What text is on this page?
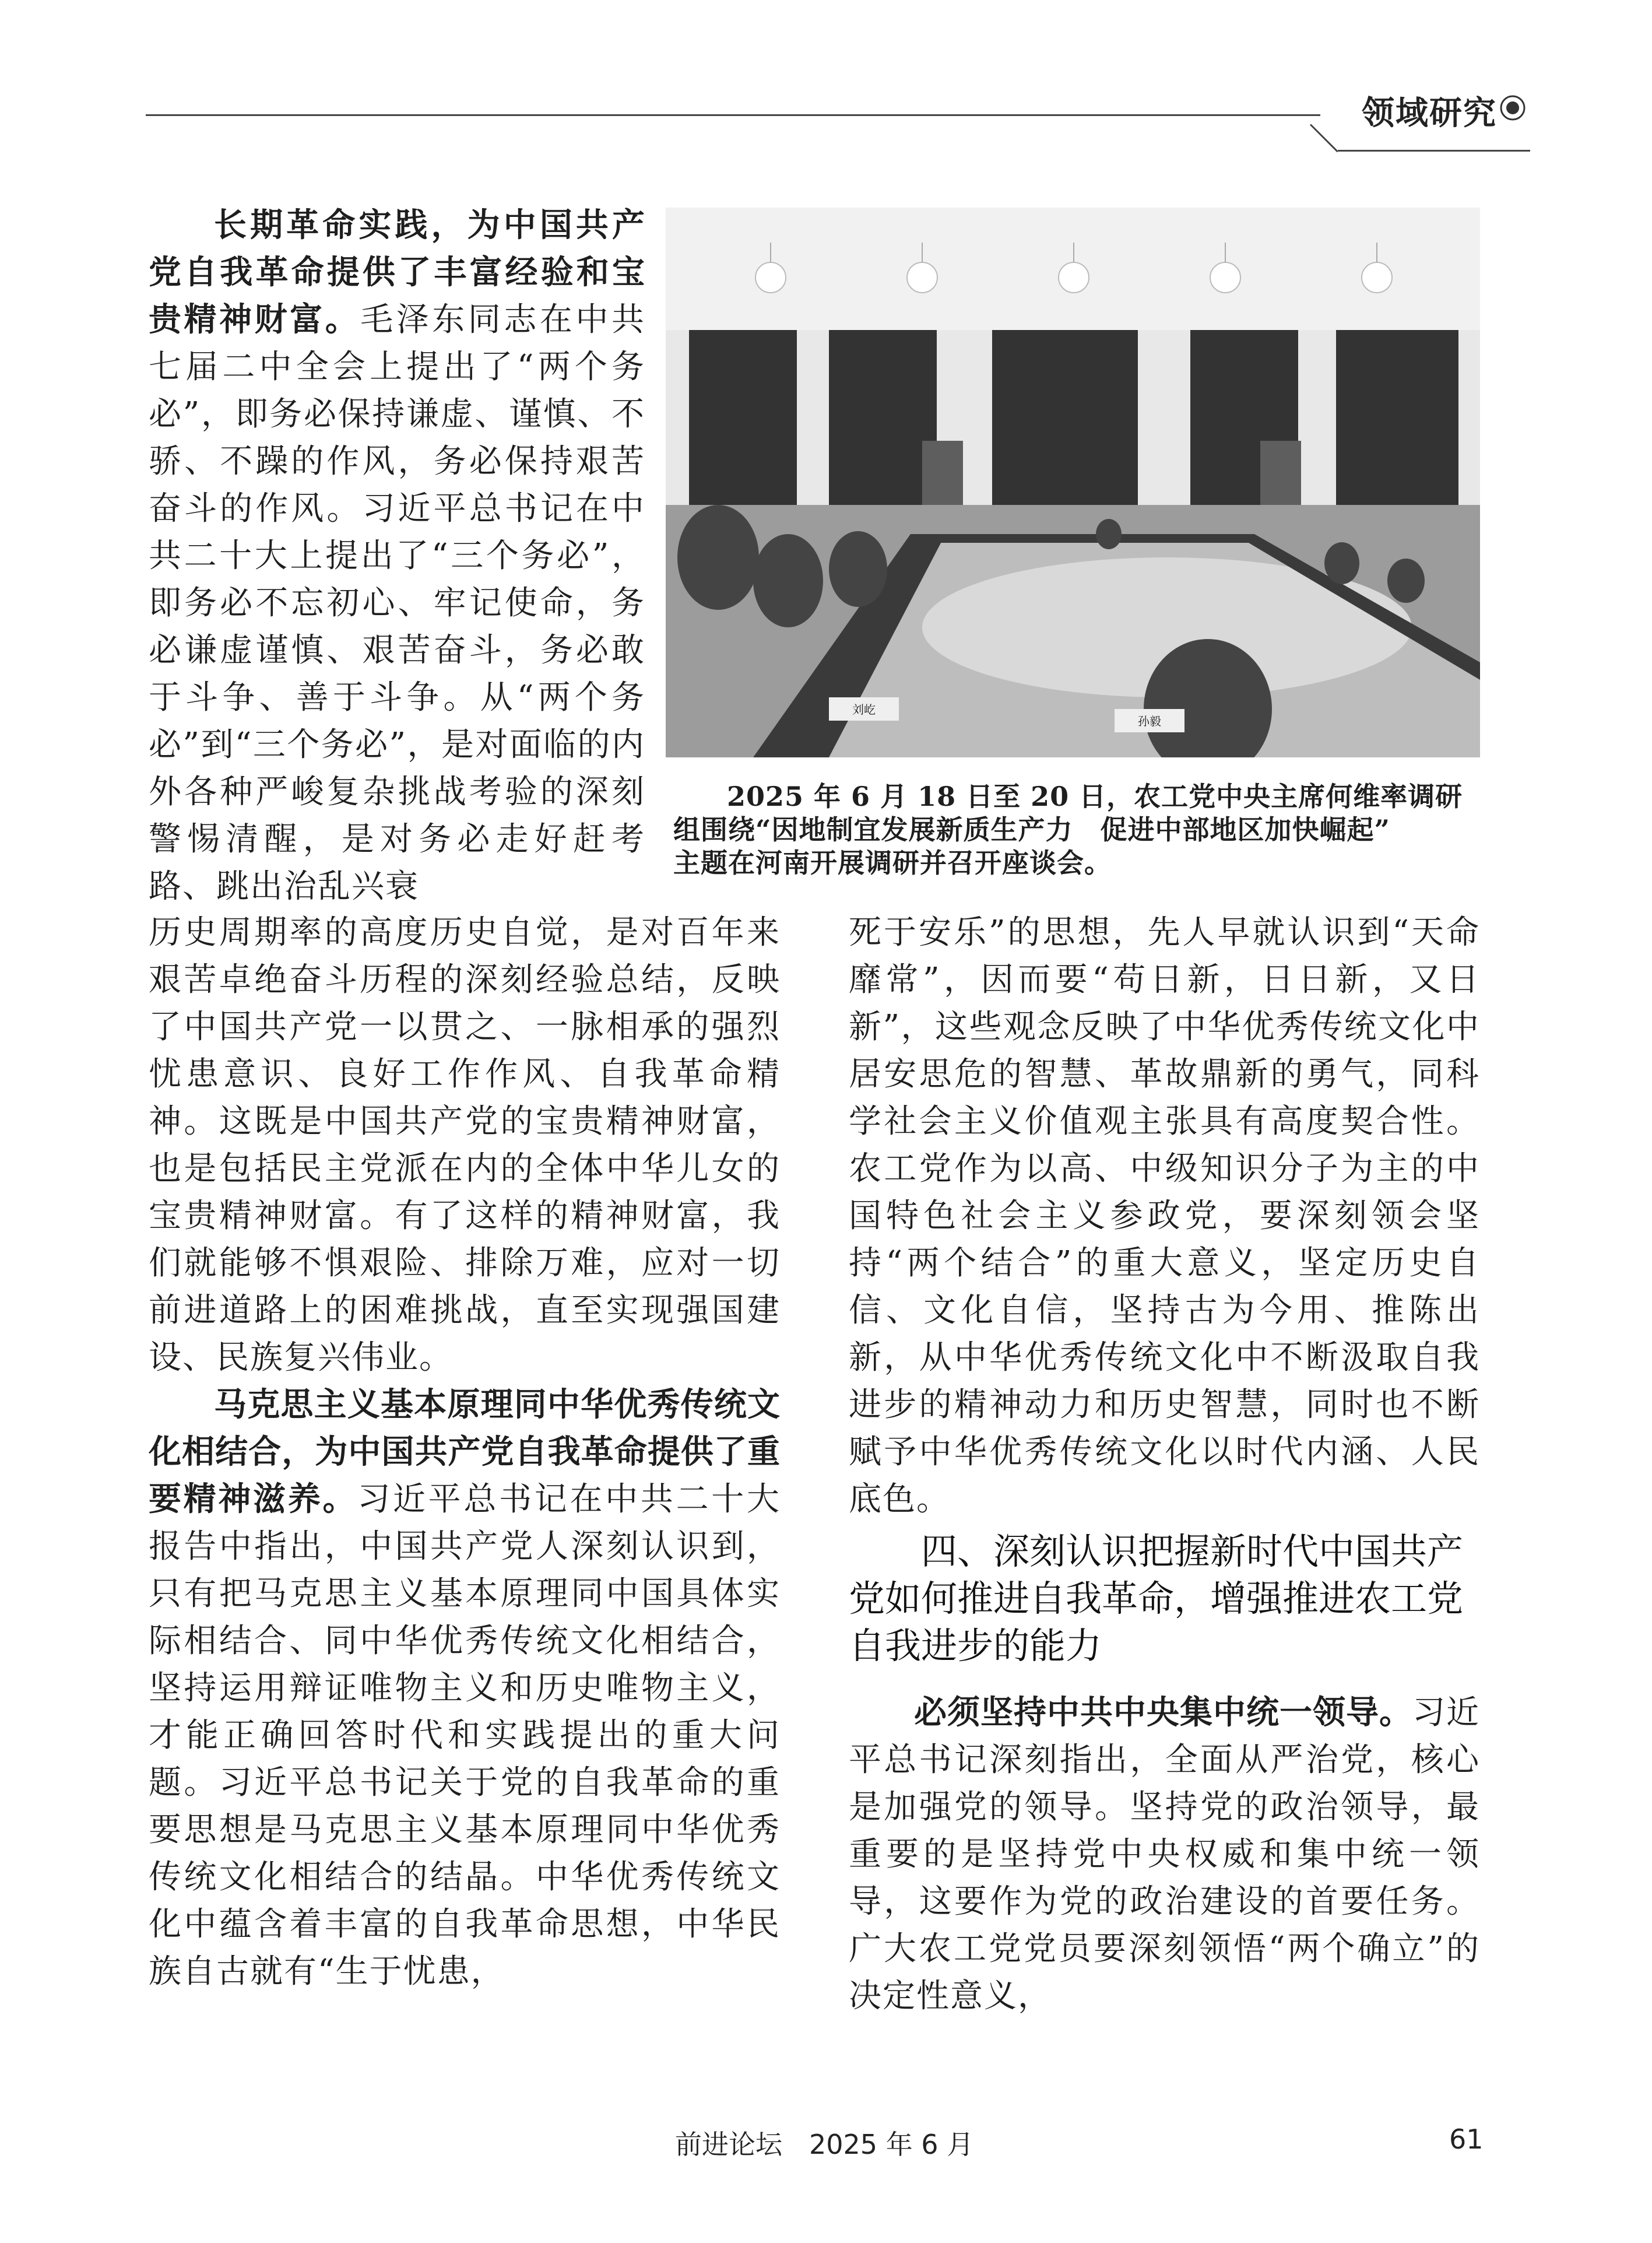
领域研究
刘屹
孙毅

2025 年 6 月 18 日至 20 日，农工党中央主席何维率调研

组围绕“因地制宜发展新质生产力　促进中部地区加快崛起”

主题在河南开展调研并召开座谈会。

长期革命实践，为中国共产党自我革命提供了丰富经验和宝贵精神财富。毛泽东同志在中共七届二中全会上提出了“两个务必”，即务必保持谦虚、谨慎、不骄、不躁的作风，务必保持艰苦奋斗的作风。习近平总书记在中共二十大上提出了“三个务必”，即务必不忘初心、牢记使命，务必谦虚谨慎、艰苦奋斗，务必敢于斗争、善于斗争。从“两个务必”到“三个务必”，是对面临的内外各种严峻复杂挑战考验的深刻警惕清醒，是对务必走好赶考路、跳出治乱兴衰

历史周期率的高度历史自觉，是对百年来艰苦卓绝奋斗历程的深刻经验总结，反映了中国共产党一以贯之、一脉相承的强烈忧患意识、良好工作作风、自我革命精神。这既是中国共产党的宝贵精神财富，也是包括民主党派在内的全体中华儿女的宝贵精神财富。有了这样的精神财富，我们就能够不惧艰险、排除万难，应对一切前进道路上的困难挑战，直至实现强国建设、民族复兴伟业。

马克思主义基本原理同中华优秀传统文化相结合，为中国共产党自我革命提供了重要精神滋养。习近平总书记在中共二十大报告中指出，中国共产党人深刻认识到，只有把马克思主义基本原理同中国具体实际相结合、同中华优秀传统文化相结合，坚持运用辩证唯物主义和历史唯物主义，才能正确回答时代和实践提出的重大问题。习近平总书记关于党的自我革命的重要思想是马克思主义基本原理同中华优秀传统文化相结合的结晶。中华优秀传统文化中蕴含着丰富的自我革命思想，中华民族自古就有“生于忧患，

死于安乐”的思想，先人早就认识到“天命靡常”，因而要“苟日新，日日新，又日新”，这些观念反映了中华优秀传统文化中居安思危的智慧、革故鼎新的勇气，同科学社会主义价值观主张具有高度契合性。农工党作为以高、中级知识分子为主的中国特色社会主义参政党，要深刻领会坚持“两个结合”的重大意义，坚定历史自信、文化自信，坚持古为今用、推陈出新，从中华优秀传统文化中不断汲取自我进步的精神动力和历史智慧，同时也不断赋予中华优秀传统文化以时代内涵、人民底色。

四、深刻认识把握新时代中国共产

党如何推进自我革命，增强推进农工党

自我进步的能力

必须坚持中共中央集中统一领导。习近平总书记深刻指出，全面从严治党，核心是加强党的领导。坚持党的政治领导，最重要的是坚持党中央权威和集中统一领导，这要作为党的政治建设的首要任务。广大农工党党员要深刻领悟“两个确立”的决定性意义，

前进论坛 2025 年 6 月	61
